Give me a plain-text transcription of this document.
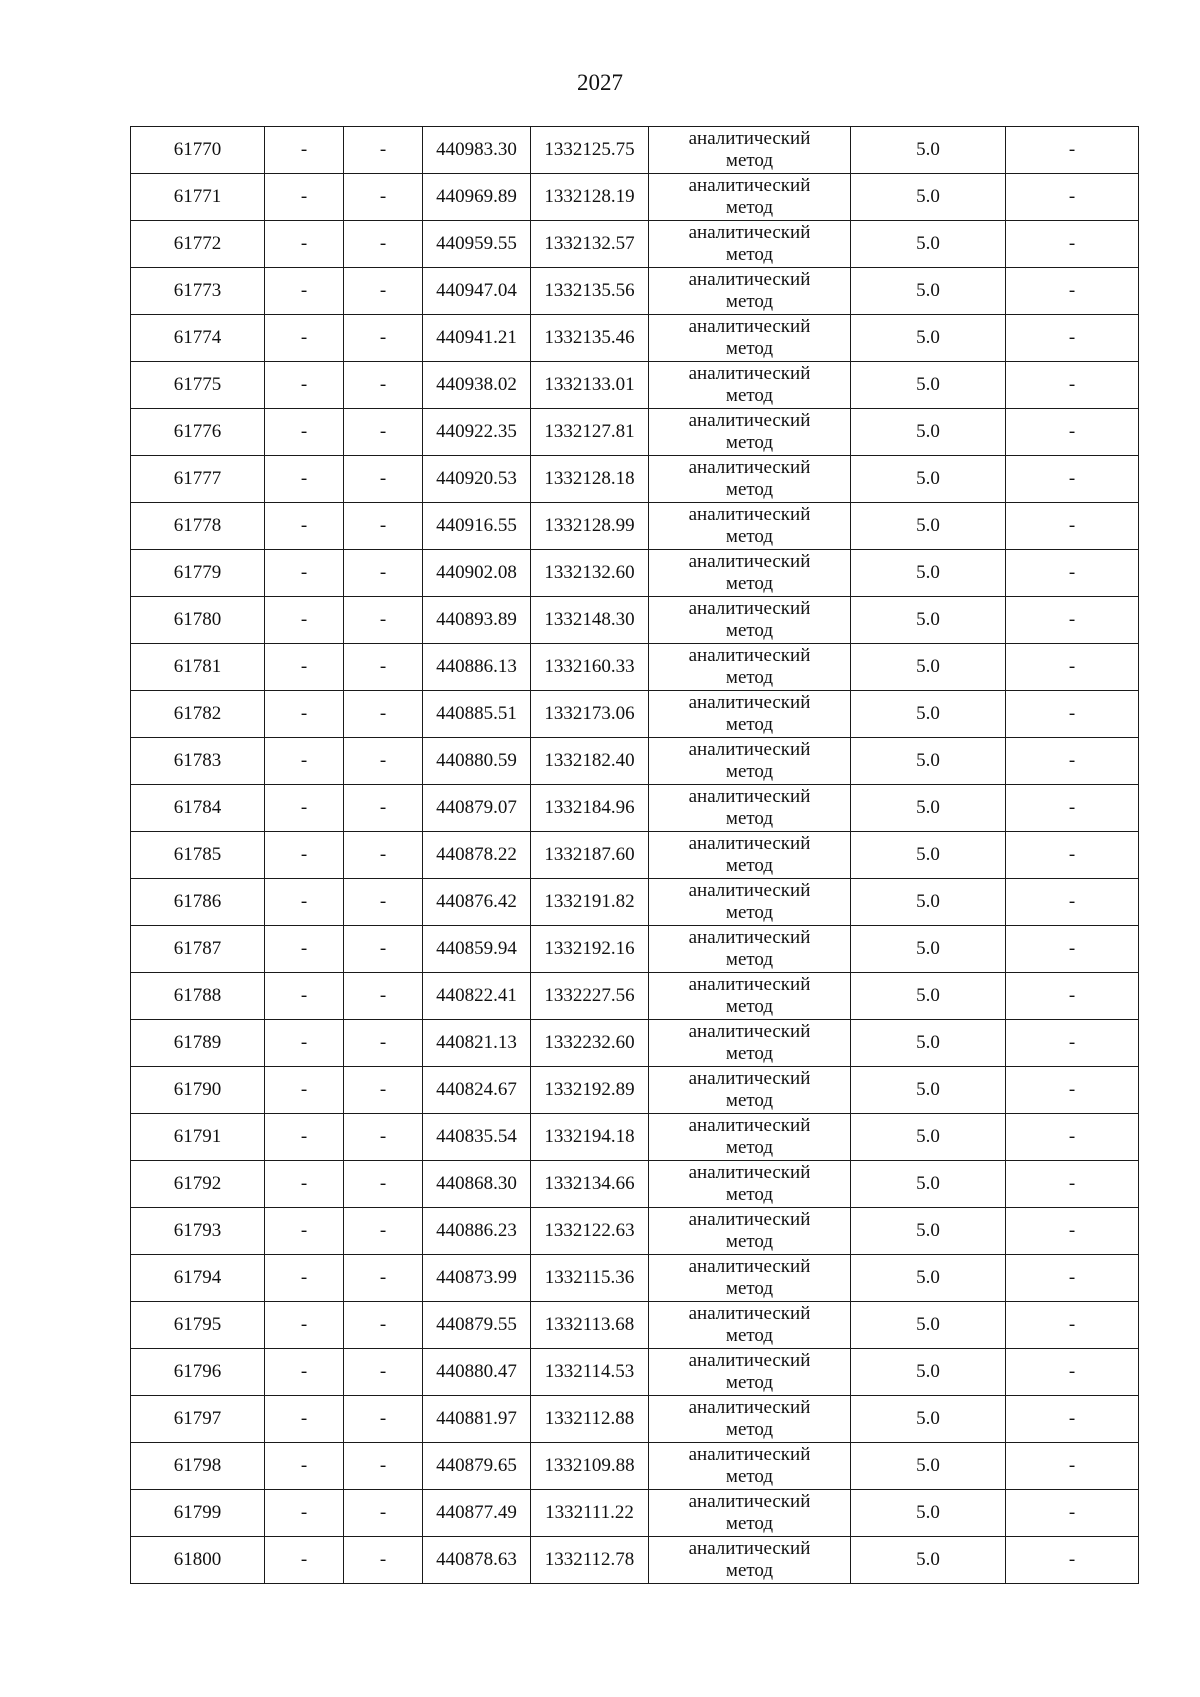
2027
61770	-	-	440983.30	1332125.75	аналитический
метод	5.0	-
61771	-	-	440969.89	1332128.19	аналитический
метод	5.0	-
61772	-	-	440959.55	1332132.57	аналитический
метод	5.0	-
61773	-	-	440947.04	1332135.56	аналитический
метод	5.0	-
61774	-	-	440941.21	1332135.46	аналитический
метод	5.0	-
61775	-	-	440938.02	1332133.01	аналитический
метод	5.0	-
61776	-	-	440922.35	1332127.81	аналитический
метод	5.0	-
61777	-	-	440920.53	1332128.18	аналитический
метод	5.0	-
61778	-	-	440916.55	1332128.99	аналитический
метод	5.0	-
61779	-	-	440902.08	1332132.60	аналитический
метод	5.0	-
61780	-	-	440893.89	1332148.30	аналитический
метод	5.0	-
61781	-	-	440886.13	1332160.33	аналитический
метод	5.0	-
61782	-	-	440885.51	1332173.06	аналитический
метод	5.0	-
61783	-	-	440880.59	1332182.40	аналитический
метод	5.0	-
61784	-	-	440879.07	1332184.96	аналитический
метод	5.0	-
61785	-	-	440878.22	1332187.60	аналитический
метод	5.0	-
61786	-	-	440876.42	1332191.82	аналитический
метод	5.0	-
61787	-	-	440859.94	1332192.16	аналитический
метод	5.0	-
61788	-	-	440822.41	1332227.56	аналитический
метод	5.0	-
61789	-	-	440821.13	1332232.60	аналитический
метод	5.0	-
61790	-	-	440824.67	1332192.89	аналитический
метод	5.0	-
61791	-	-	440835.54	1332194.18	аналитический
метод	5.0	-
61792	-	-	440868.30	1332134.66	аналитический
метод	5.0	-
61793	-	-	440886.23	1332122.63	аналитический
метод	5.0	-
61794	-	-	440873.99	1332115.36	аналитический
метод	5.0	-
61795	-	-	440879.55	1332113.68	аналитический
метод	5.0	-
61796	-	-	440880.47	1332114.53	аналитический
метод	5.0	-
61797	-	-	440881.97	1332112.88	аналитический
метод	5.0	-
61798	-	-	440879.65	1332109.88	аналитический
метод	5.0	-
61799	-	-	440877.49	1332111.22	аналитический
метод	5.0	-
61800	-	-	440878.63	1332112.78	аналитический
метод	5.0	-
